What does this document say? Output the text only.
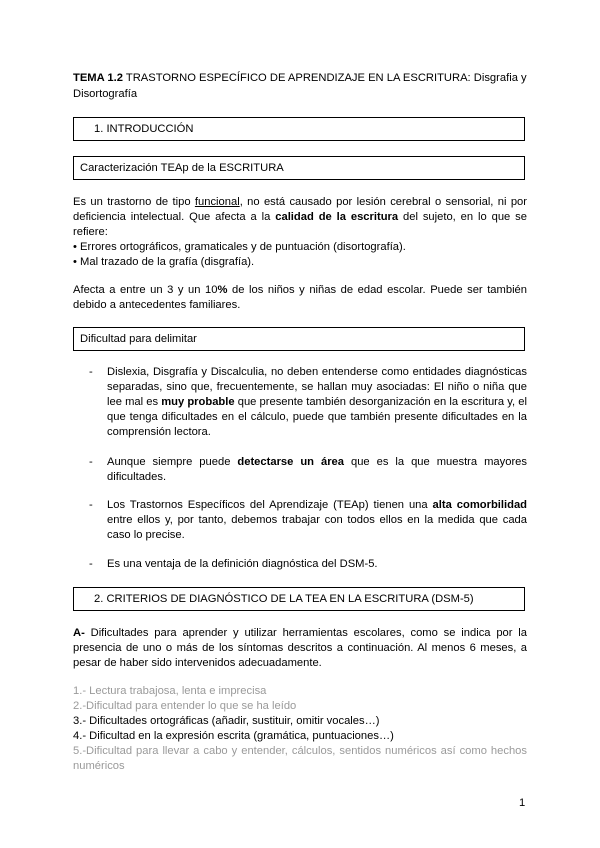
TEMA 1.2 TRASTORNO ESPECÍFICO DE APRENDIZAJE EN LA ESCRITURA: Disgrafia y Disortografía
1. INTRODUCCIÓN
Caracterización TEAp de la ESCRITURA

Es un trastorno de tipo funcional, no está causado por lesión cerebral o sensorial, ni por deficiencia intelectual. Que afecta a la calidad de la escritura del sujeto, en lo que se refiere:

• Errores ortográficos, gramaticales y de puntuación (disortografía).

• Mal trazado de la grafía (disgrafía).

Afecta a entre un 3 y un 10% de los niños y niñas de edad escolar. Puede ser también debido a antecedentes familiares.

Dificultad para delimitar
- Dislexia, Disgrafía y Discalculia, no deben entenderse como entidades diagnósticas separadas, sino que, frecuentemente, se hallan muy asociadas: El niño o niña que lee mal es muy probable que presente también desorganización en la escritura y, el que tenga dificultades en el cálculo, puede que también presente dificultades en la comprensión lectora.
- Aunque siempre puede detectarse un área que es la que muestra mayores dificultades.
- Los Trastornos Específicos del Aprendizaje (TEAp) tienen una alta comorbilidad entre ellos y, por tanto, debemos trabajar con todos ellos en la medida que cada caso lo precise.
- Es una ventaja de la definición diagnóstica del DSM-5.
2. CRITERIOS DE DIAGNÓSTICO DE LA TEA EN LA ESCRITURA (DSM-5)

A- Dificultades para aprender y utilizar herramientas escolares, como se indica por la presencia de uno o más de los síntomas descritos a continuación. Al menos 6 meses, a pesar de haber sido intervenidos adecuadamente.

1.- Lectura trabajosa, lenta e imprecisa
2.-Dificultad para entender lo que se ha leído
3.- Dificultades ortográficas (añadir, sustituir, omitir vocales…)
4.- Dificultad en la expresión escrita (gramática, puntuaciones…)
5.-Dificultad para llevar a cabo y entender, cálculos, sentidos numéricos así como hechos numéricos
1
